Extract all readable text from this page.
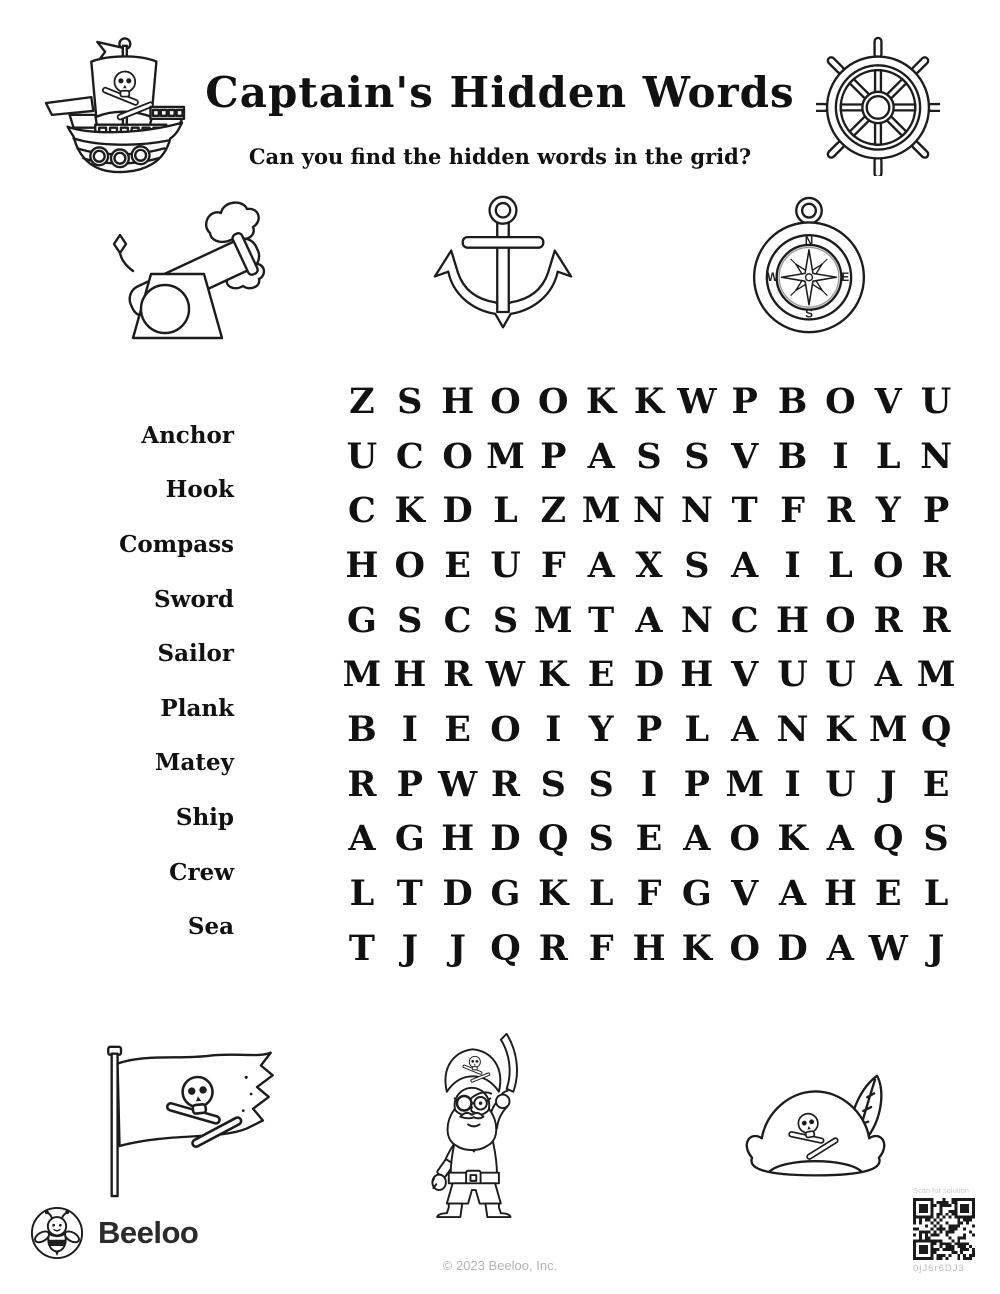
Captain's Hidden Words
Can you find the hidden words in the grid?
N
E
S
W
Anchor
Hook
Compass
Sword
Sailor
Plank
Matey
Ship
Crew
Sea
Z S H O O K K W P B O V U
U C O M P A S S V B I L N
C K D L Z M N N T F R Y P
H O E U F A X S A I L O R
G S C S M T A N C H O R R
M H R W K E D H V U U A M
B I E O I Y P L A N K M Q
R P W R S S I P M I U J E
A G H D Q S E A O K A Q S
L T D G K L F G V A H E L
T J J Q R F H K O D A W J
Beeloo
© 2023 Beeloo, Inc.
Scan for solution
0jJ6r6DJ3
